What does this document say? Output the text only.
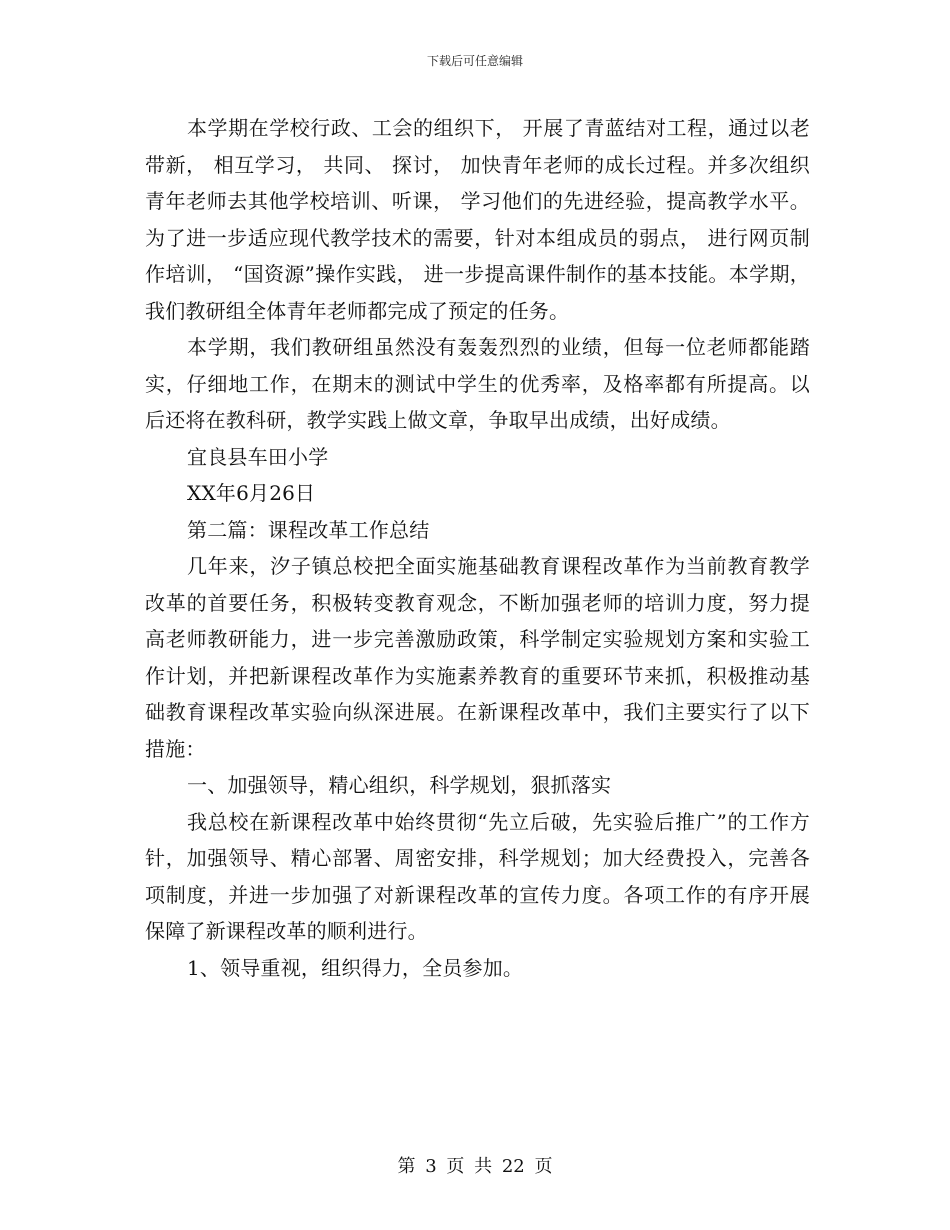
下载后可任意编辑

本学期在学校行政、工会的组织下， 开展了青蓝结对工程，通过以老带新， 相互学习， 共同、 探讨， 加快青年老师的成长过程。并多次组织青年老师去其他学校培训、听课， 学习他们的先进经验，提高教学水平。为了进一步适应现代教学技术的需要，针对本组成员的弱点， 进行网页制作培训， “国资源”操作实践， 进一步提高课件制作的基本技能。本学期， 我们教研组全体青年老师都完成了预定的任务。

本学期，我们教研组虽然没有轰轰烈烈的业绩，但每一位老师都能踏实，仔细地工作，在期末的测试中学生的优秀率，及格率都有所提高。以后还将在教科研，教学实践上做文章，争取早出成绩，出好成绩。

宜良县车田小学

XX年6月26日

第二篇：课程改革工作总结

几年来，汐子镇总校把全面实施基础教育课程改革作为当前教育教学改革的首要任务，积极转变教育观念，不断加强老师的培训力度，努力提高老师教研能力，进一步完善激励政策，科学制定实验规划方案和实验工作计划，并把新课程改革作为实施素养教育的重要环节来抓，积极推动基础教育课程改革实验向纵深进展。在新课程改革中，我们主要实行了以下措施：

一、加强领导，精心组织，科学规划，狠抓落实

我总校在新课程改革中始终贯彻“先立后破，先实验后推广”的工作方针，加强领导、精心部署、周密安排，科学规划；加大经费投入，完善各项制度，并进一步加强了对新课程改革的宣传力度。各项工作的有序开展保障了新课程改革的顺利进行。

1、领导重视，组织得力，全员参加。

第 3 页 共 22 页
